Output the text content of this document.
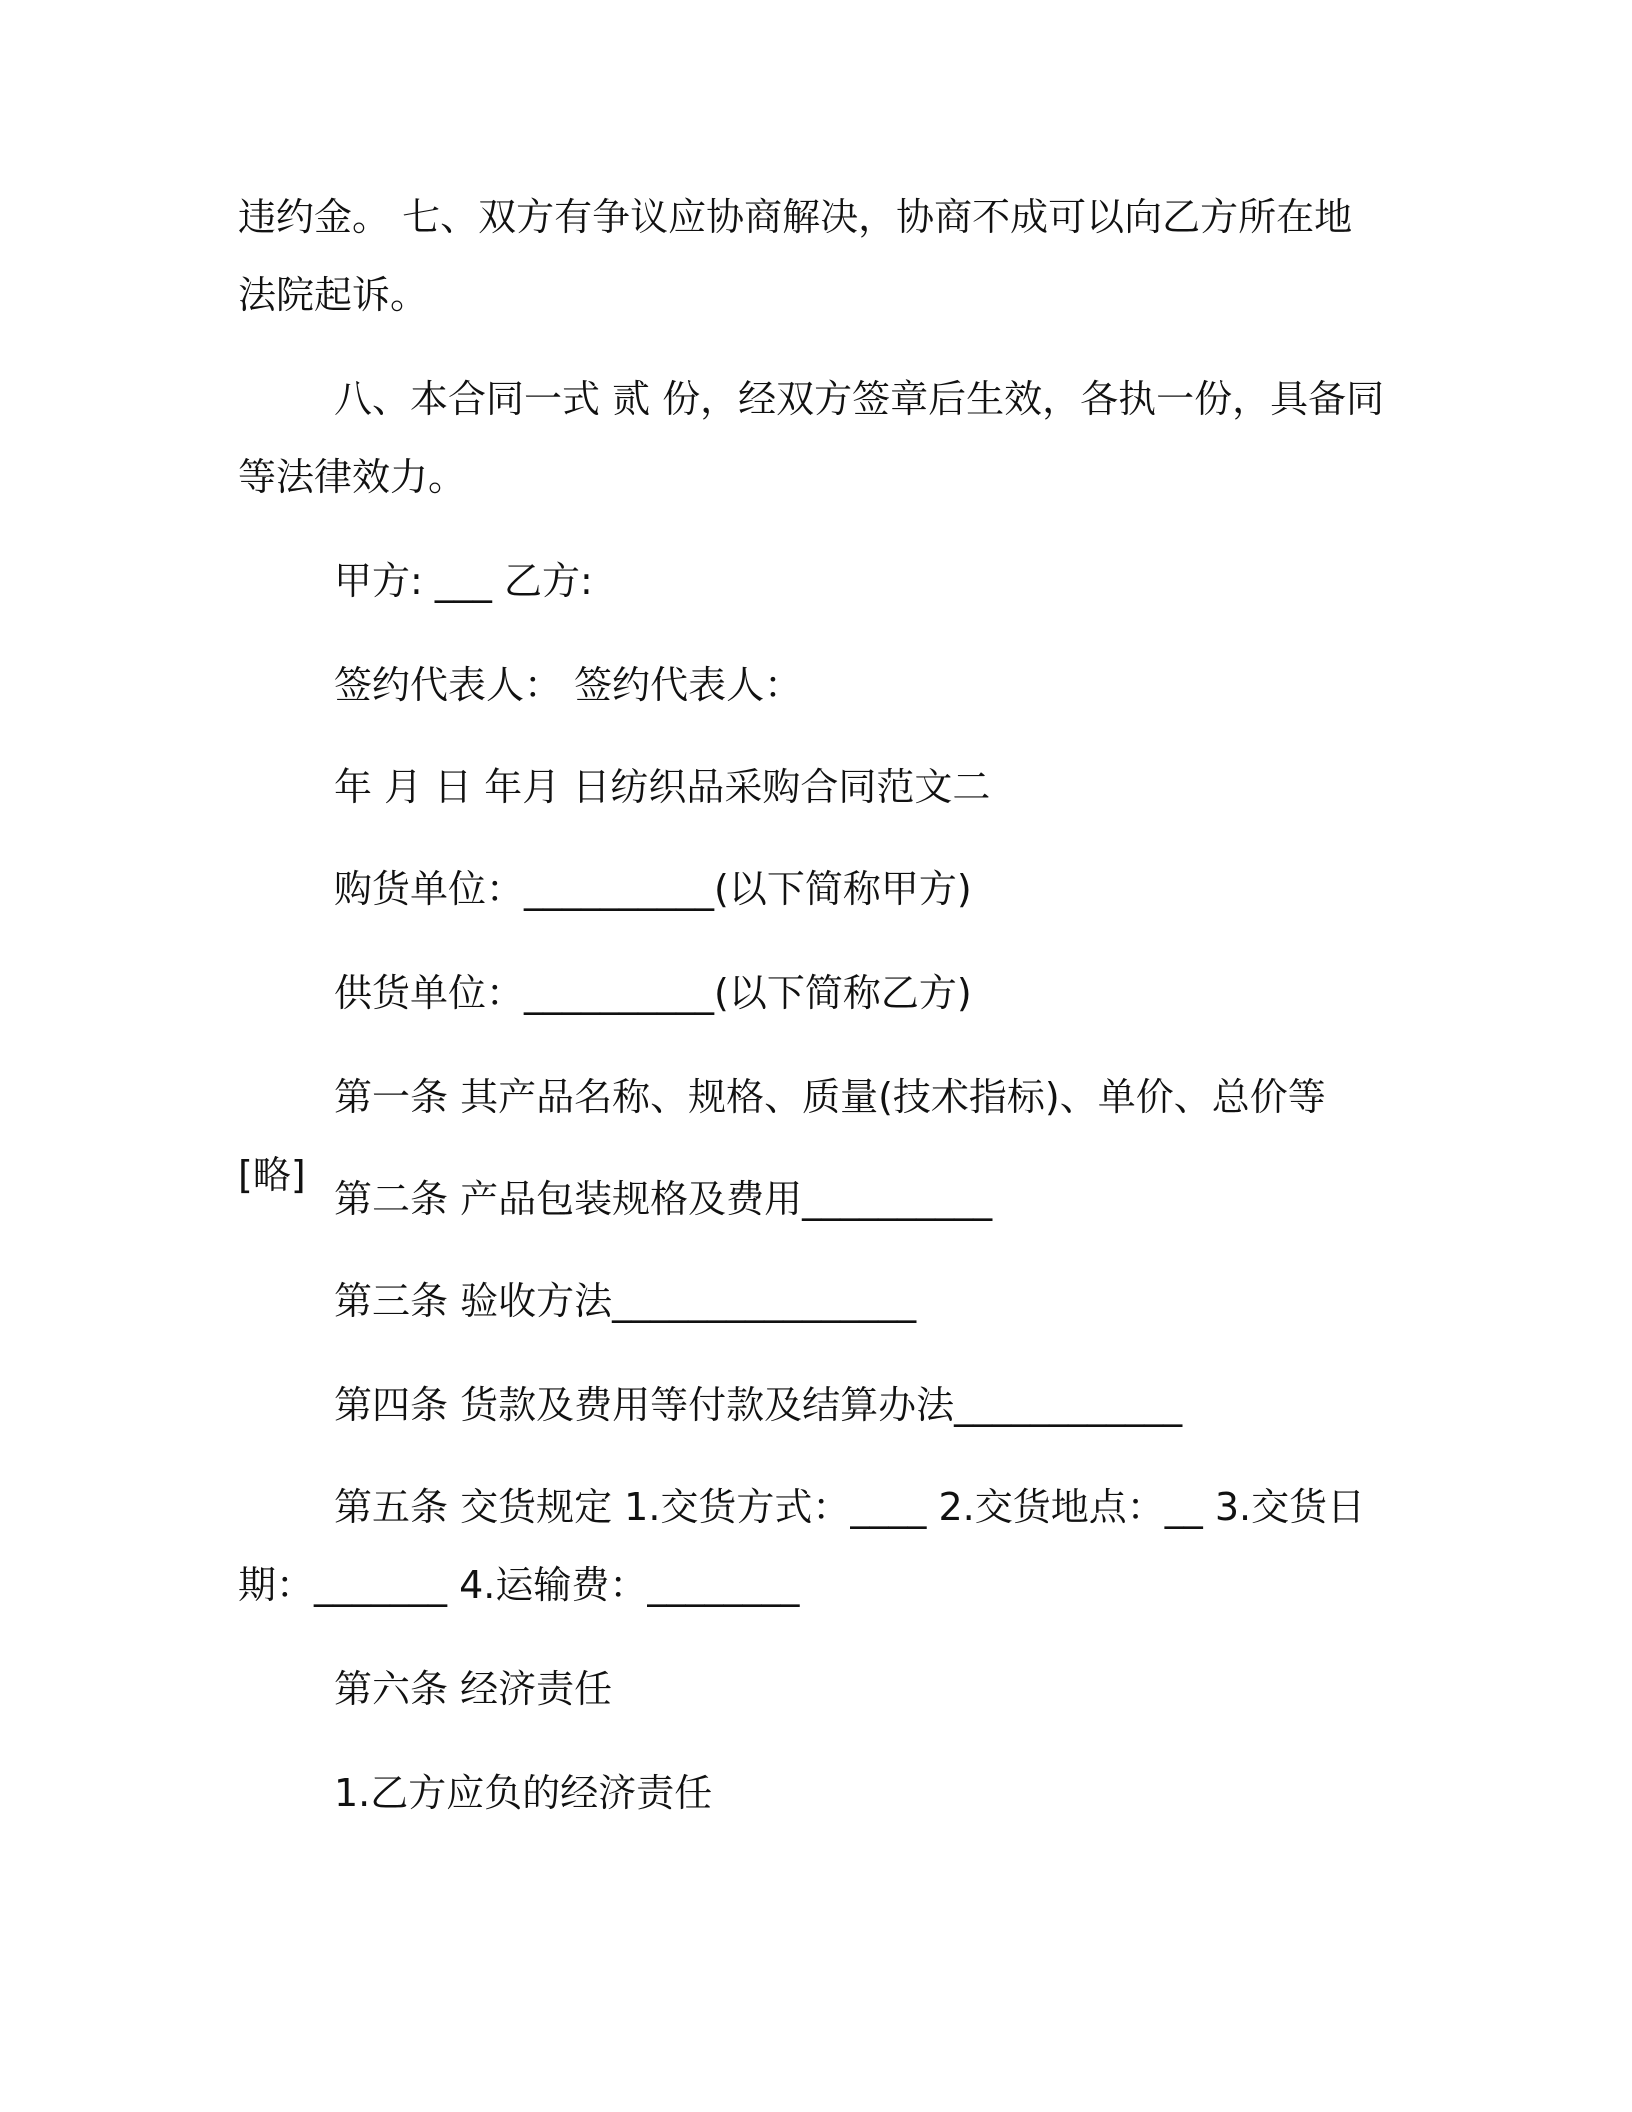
违约金。 七、双方有争议应协商解决，协商不成可以向乙方所在地法院起诉。

八、本合同一式 贰 份，经双方签章后生效，各执一份，具备同等法律效力。

甲方: ___ 乙方:

签约代表人： 签约代表人：

年 月 日 年月 日纺织品采购合同范文二

购货单位：__________(以下简称甲方)

供货单位：__________(以下简称乙方)

第一条 其产品名称、规格、质量(技术指标)、单价、总价等[略]

第二条 产品包装规格及费用__________

第三条 验收方法________________

第四条 货款及费用等付款及结算办法____________

第五条 交货规定 1.交货方式：____ 2.交货地点：__ 3.交货日期：_______ 4.运输费：________

第六条 经济责任

1.乙方应负的经济责任
